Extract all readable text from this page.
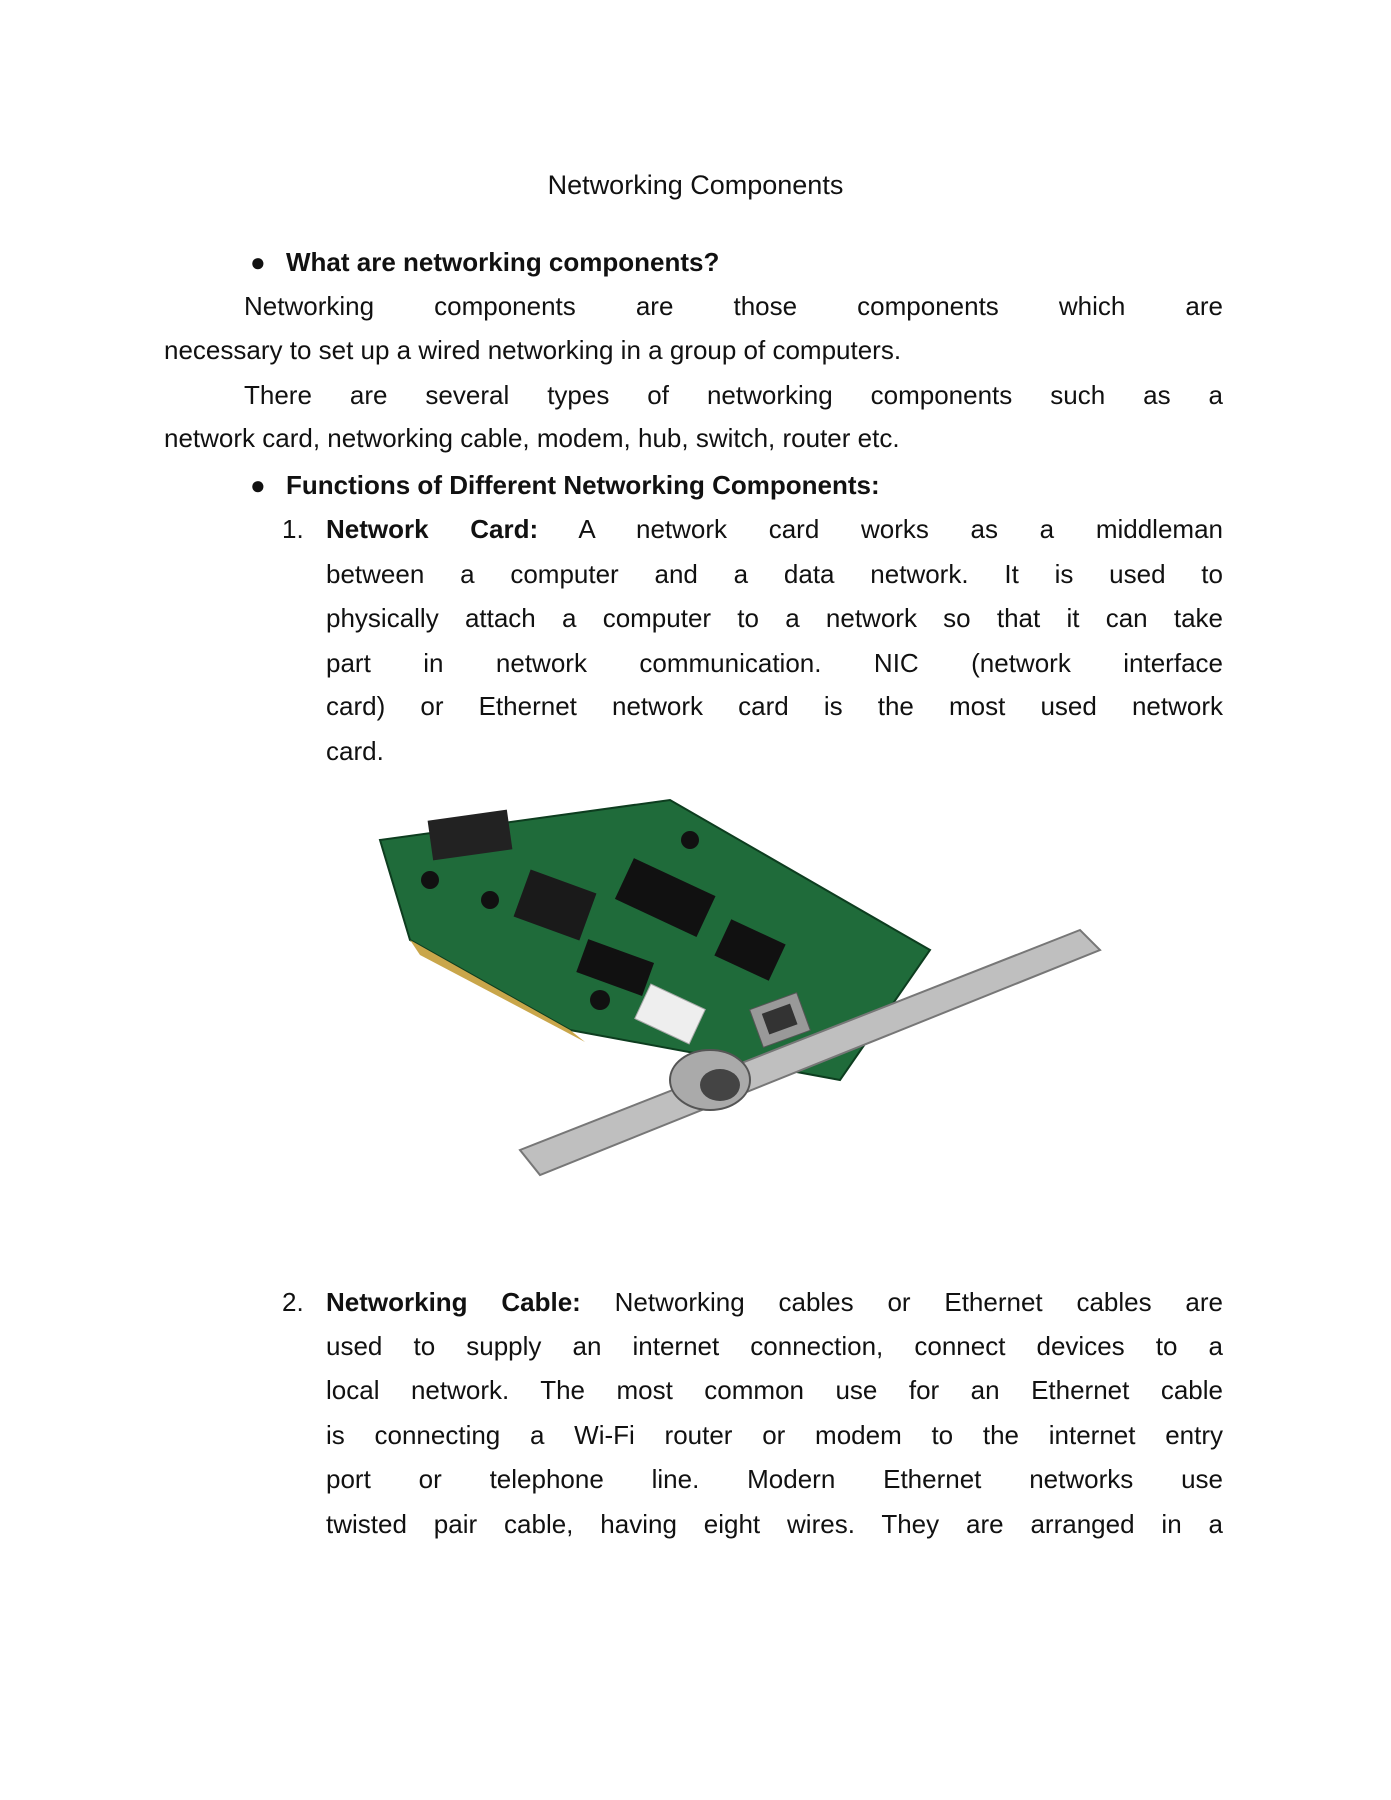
Networking Components
● What are networking components?
Networking components are those components which are
necessary to set up a wired networking in a group of computers.
There are several types of networking components such as a
network card, networking cable, modem, hub, switch, router etc.
● Functions of Different Networking Components:
1. Network Card: A network card works as a middleman
between a computer and a data network. It is used to
physically attach a computer to a network so that it can take
part in network communication. NIC (network interface
card) or Ethernet network card is the most used network
card.
2. Networking Cable: Networking cables or Ethernet cables are
used to supply an internet connection, connect devices to a
local network. The most common use for an Ethernet cable
is connecting a Wi-Fi router or modem to the internet entry
port or telephone line. Modern Ethernet networks use
twisted pair cable, having eight wires. They are arranged in a
